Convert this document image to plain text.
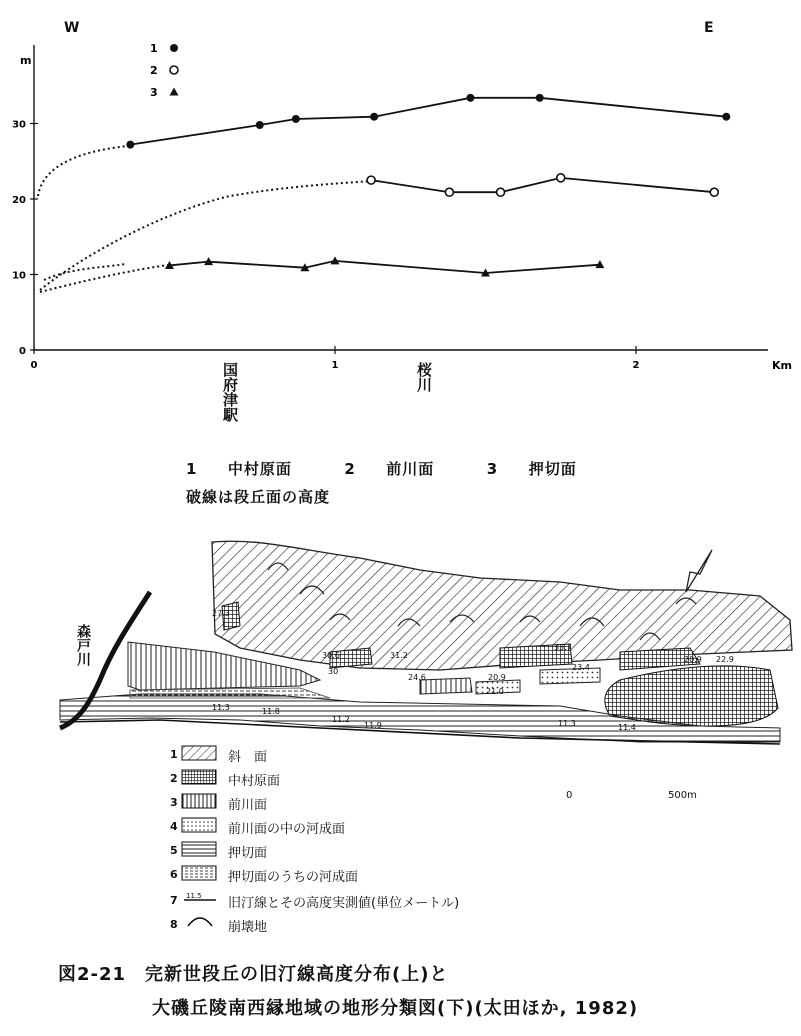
W	E
0
10
20
30
0	1	2
m
Km
1
2
3
国府津駅	桜川
1 中村原面	2 前川面	3 押切面
破線は段丘面の高度
27.3
30.6
30
31.2
24.6
33.7
23.4
21.0
20.9
20.9 22.9
11.3	11.8
11.2
11.9	11.3	11.4
森戸川
0	500m
11.5
1	斜　面
2	中村原面
3	前川面
4	前川面の中の河成面
5	押切面
6	押切面のうちの河成面
7	旧汀線とその高度実測値(単位メートル)
8	崩壊地
図2-21　完新世段丘の旧汀線高度分布(上)と
大磯丘陵南西縁地域の地形分類図(下)(太田ほか, 1982)
